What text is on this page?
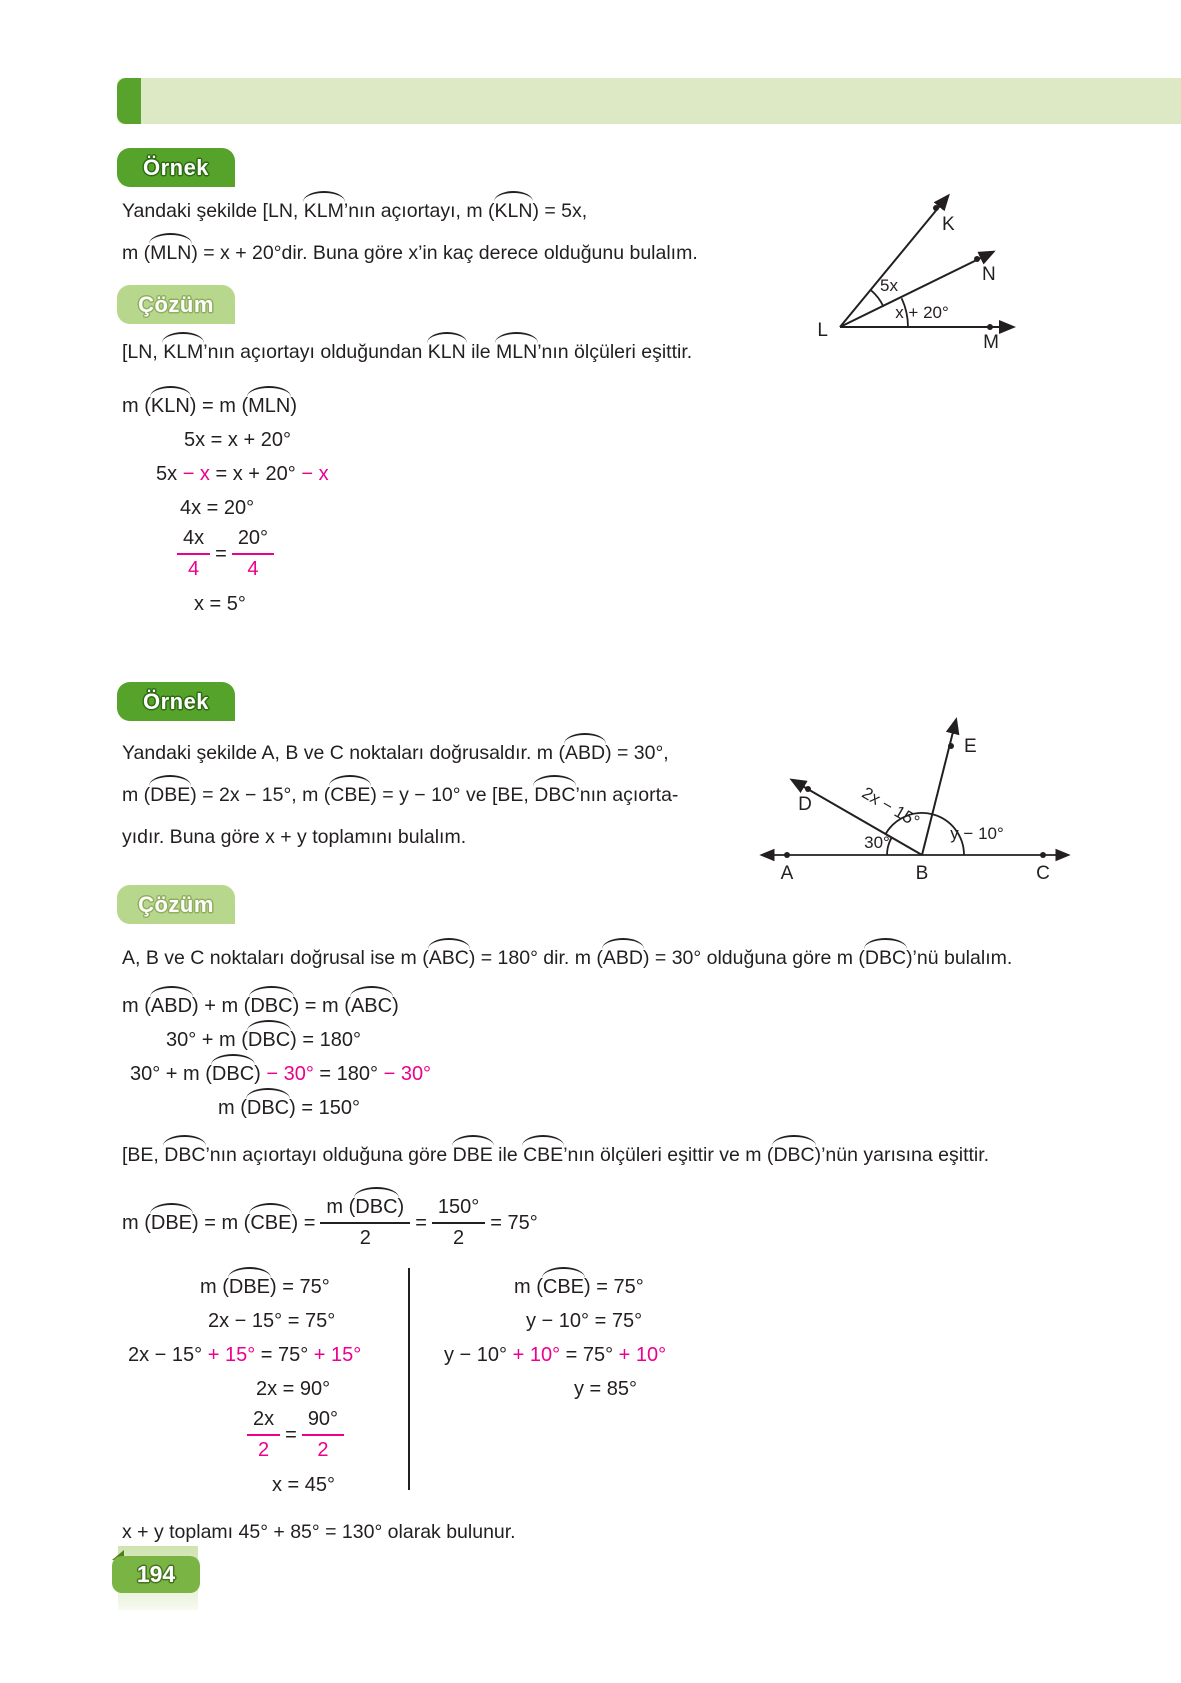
Örnek
Yandaki şekilde [LN, KLM’nın açıortayı, m (KLN) = 5x,
m (MLN) = x + 20°dir. Buna göre x’in kaç derece olduğunu bulalım.
L
K
N
M
5x
x + 20°
Çözüm
[LN, KLM’nın açıortayı olduğundan KLN ile MLN’nın ölçüleri eşittir.
m (KLN) = m (MLN)
5x = x + 20°
5x − x = x + 20° − x
4x = 20°
$\frac{4x}{4} = \frac{20^\circ}{4}$
x = 5°
Örnek
Yandaki şekilde A, B ve C noktaları doğrusaldır. m (ABD) = 30°,
m (DBE) = 2x − 15°, m (CBE) = y − 10° ve [BE, DBC’nın açıorta-
yıdır. Buna göre x + y toplamını bulalım.
A	B	C
D
E
30°
2x − 15°
y − 10°
Çözüm
A, B ve C noktaları doğrusal ise m (ABC) = 180° dir. m (ABD) = 30° olduğuna göre m (DBC)’nü bulalım.
m (ABD) + m (DBC) = m (ABC)
30° + m (DBC) = 180°
30° + m (DBC) − 30° = 180° − 30°
m (DBC) = 150°
[BE, DBC’nın açıortayı olduğuna göre DBE ile CBE’nın ölçüleri eşittir ve m (DBC)’nün yarısına eşittir.
m ( DBE ) = m ( CBE ) = $\frac{\text{m (DBC)}}{2} = \frac{150^\circ}{2} = 75^\circ$
m (DBE) = 75°
2x − 15° = 75°
2x − 15° + 15° = 75° + 15°
2x = 90°
$\frac{2x}{2} = \frac{90^\circ}{2}$
x = 45°
m (CBE) = 75°
y − 10° = 75°
y − 10° + 10° = 75° + 10°
y = 85°
x + y toplamı 45° + 85° = 130° olarak bulunur.
194
